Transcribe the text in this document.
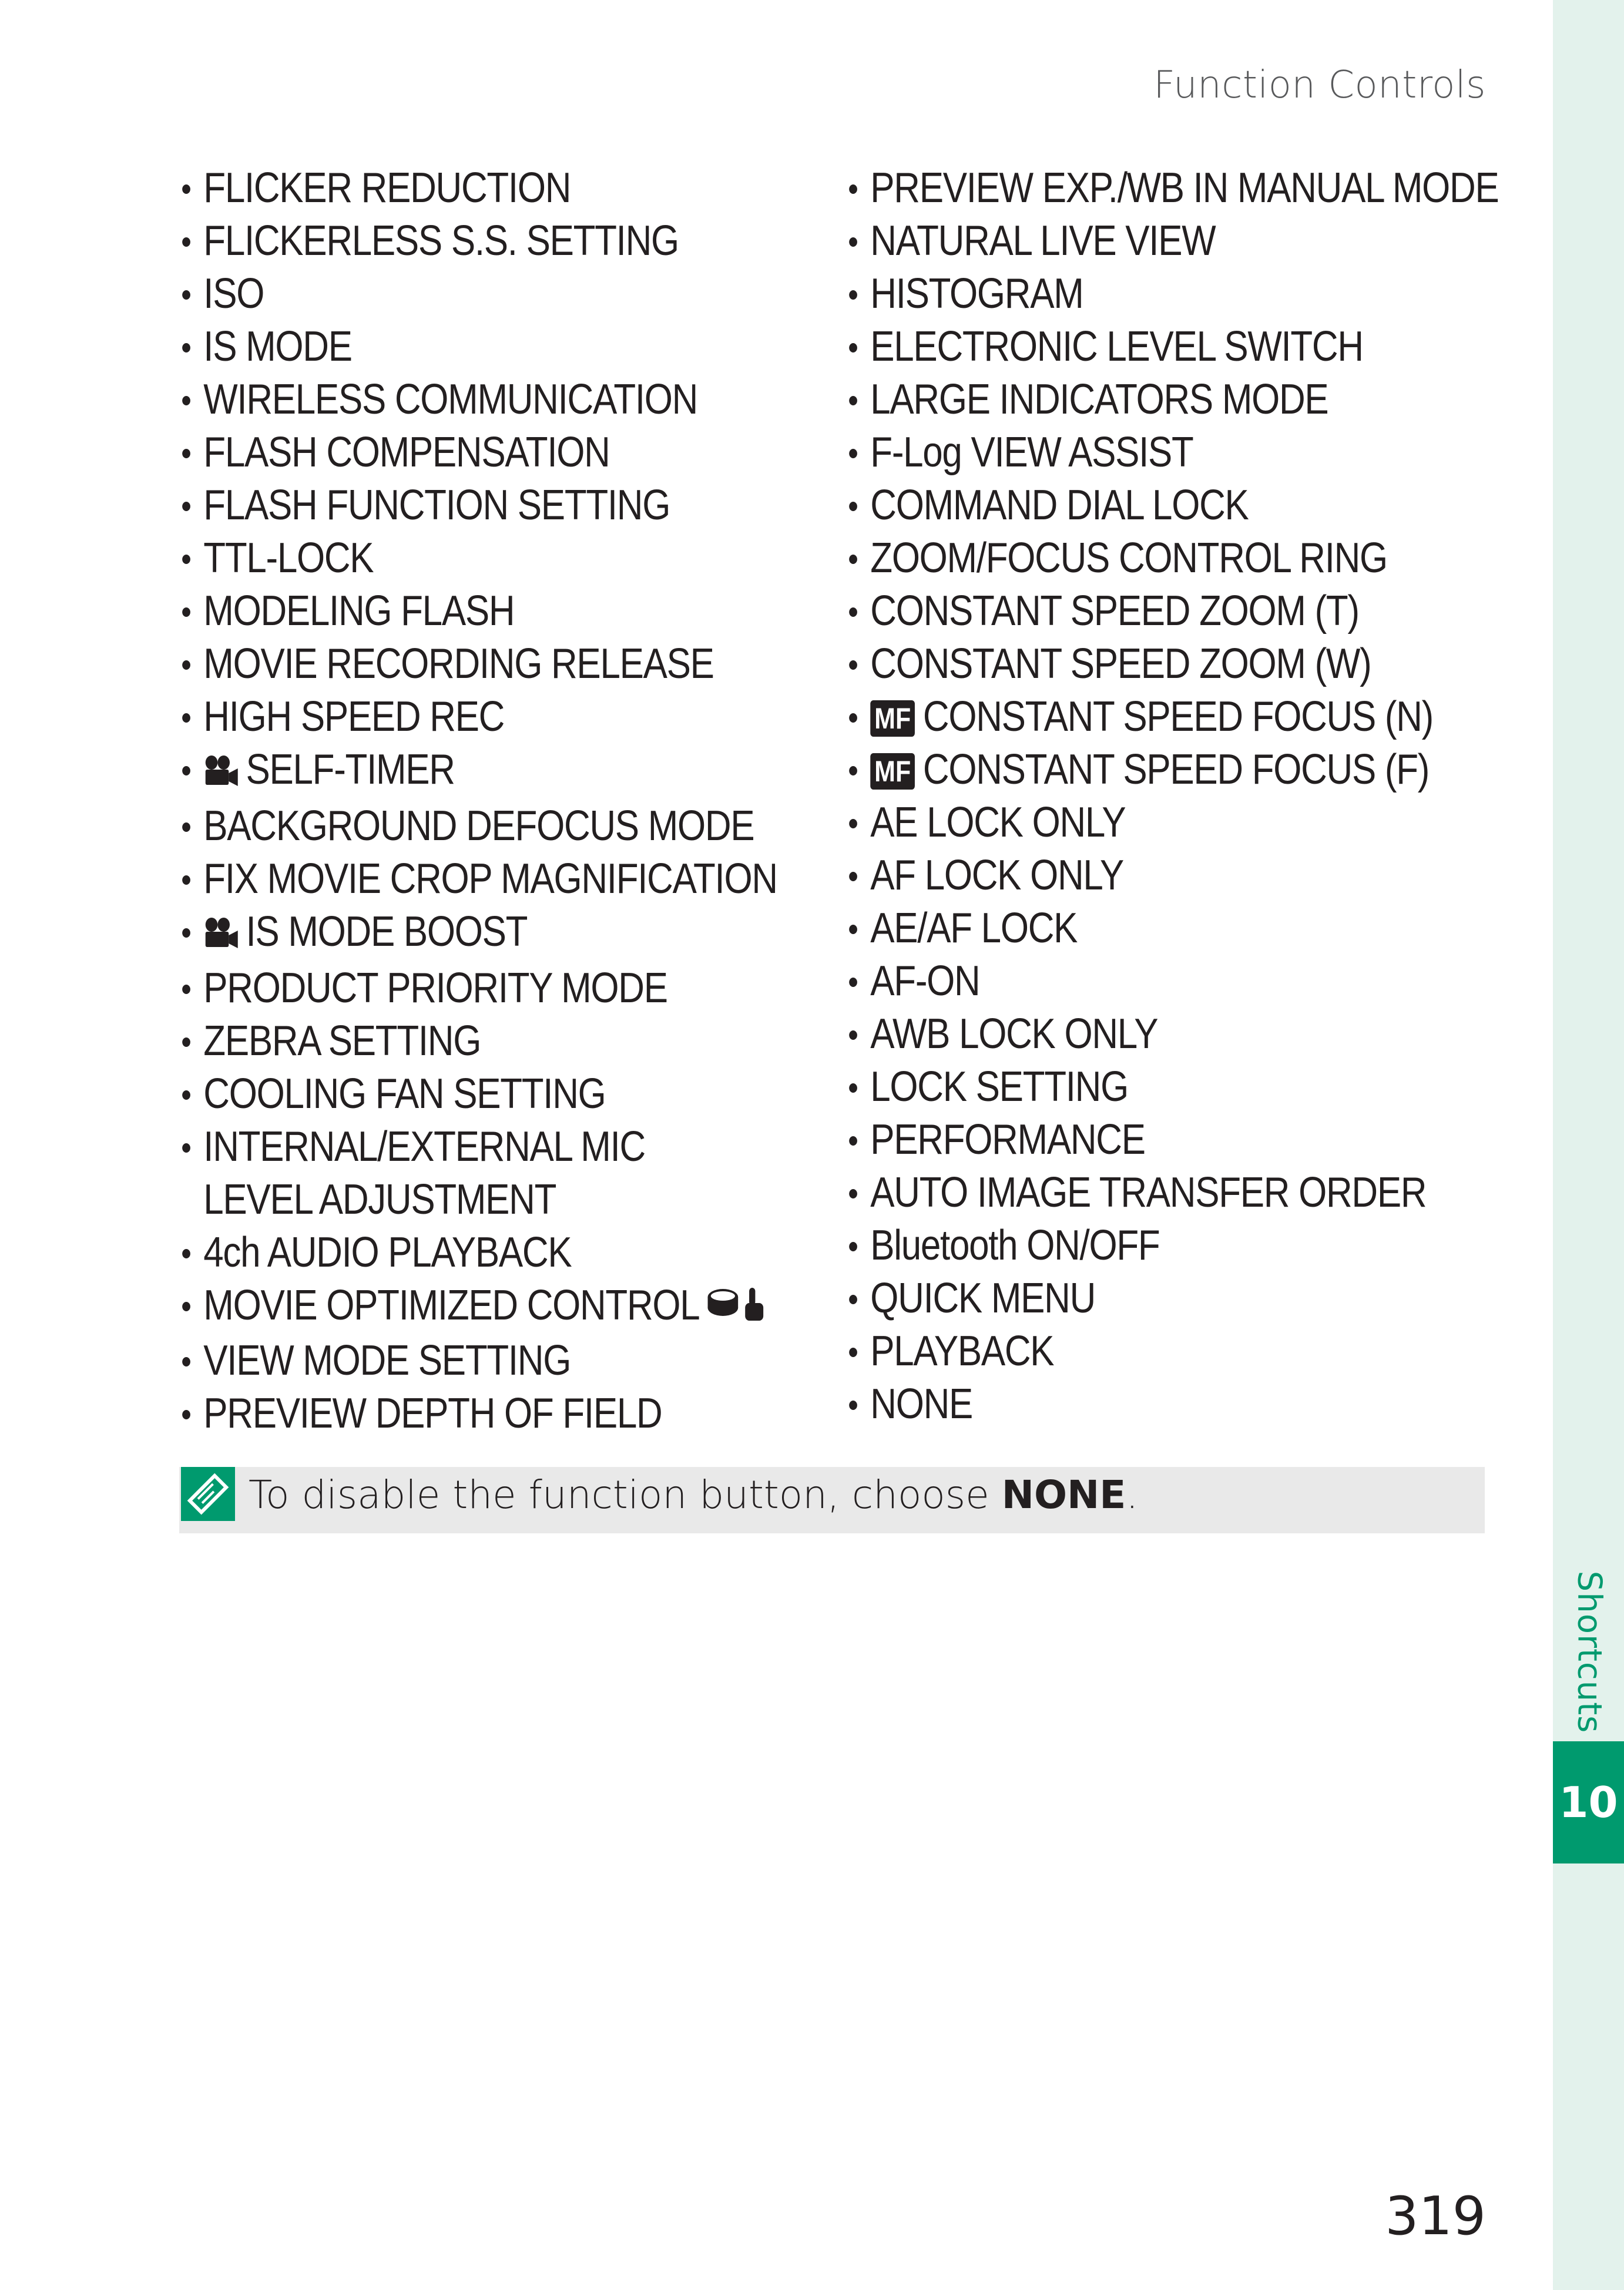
Function Controls
FLICKER REDUCTION
FLICKERLESS S.S. SETTING
ISO
IS MODE
WIRELESS COMMUNICATION
FLASH COMPENSATION
FLASH FUNCTION SETTING
TTL-LOCK
MODELING FLASH
MOVIE RECORDING RELEASE
HIGH SPEED REC
SELF-TIMER
BACKGROUND DEFOCUS MODE
FIX MOVIE CROP MAGNIFICATION
IS MODE BOOST
PRODUCT PRIORITY MODE
ZEBRA SETTING
COOLING FAN SETTING
INTERNAL/EXTERNAL MIC LEVEL ADJUSTMENT
4ch AUDIO PLAYBACK
MOVIE OPTIMIZED CONTROL
VIEW MODE SETTING
PREVIEW DEPTH OF FIELD
PREVIEW EXP./WB IN MANUAL MODE
NATURAL LIVE VIEW
HISTOGRAM
ELECTRONIC LEVEL SWITCH
LARGE INDICATORS MODE
F-Log VIEW ASSIST
COMMAND DIAL LOCK
ZOOM/FOCUS CONTROL RING
CONSTANT SPEED ZOOM (T)
CONSTANT SPEED ZOOM (W)
MF CONSTANT SPEED FOCUS (N)
MF CONSTANT SPEED FOCUS (F)
AE LOCK ONLY
AF LOCK ONLY
AE/AF LOCK
AF-ON
AWB LOCK ONLY
LOCK SETTING
PERFORMANCE
AUTO IMAGE TRANSFER ORDER
Bluetooth ON/OFF
QUICK MENU
PLAYBACK
NONE
To disable the function button, choose NONE.
Shortcuts
10
319
